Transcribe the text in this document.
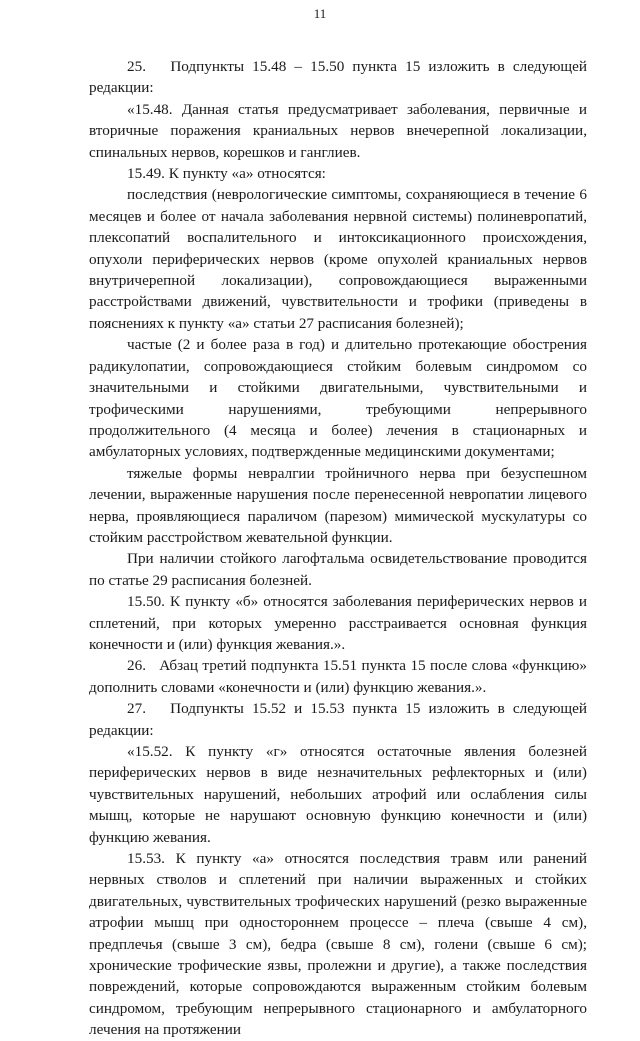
11

25.   Подпункты 15.48 – 15.50 пункта 15 изложить в следующей редакции:

«15.48. Данная статья предусматривает заболевания, первичные и вторичные поражения краниальных нервов внечерепной локализации, спинальных нервов, корешков и ганглиев.

15.49. К пункту «а» относятся:

последствия (неврологические симптомы, сохраняющиеся в течение 6 месяцев и более от начала заболевания нервной системы) полиневропатий, плексопатий воспалительного и интоксикационного происхождения, опухоли периферических нервов (кроме опухолей краниальных нервов внутричерепной локализации), сопровождающиеся выраженными расстройствами движений, чувствительности и трофики (приведены в пояснениях к пункту «а» статьи 27 расписания болезней);

частые (2 и более раза в год) и длительно протекающие обострения радикулопатии, сопровождающиеся стойким болевым синдромом со значительными и стойкими двигательными, чувствительными и трофическими нарушениями, требующими непрерывного продолжительного (4 месяца и более) лечения в стационарных и амбулаторных условиях, подтвержденные медицинскими документами;

тяжелые формы невралгии тройничного нерва при безуспешном лечении, выраженные нарушения после перенесенной невропатии лицевого нерва, проявляющиеся параличом (парезом) мимической мускулатуры со стойким расстройством жевательной функции.

При наличии стойкого лагофтальма освидетельствование проводится по статье 29 расписания болезней.

15.50. К пункту «б» относятся заболевания периферических нервов и сплетений, при которых умеренно расстраивается основная функция конечности и (или) функция жевания.».

26.   Абзац третий подпункта 15.51 пункта 15 после слова «функцию» дополнить словами «конечности и (или) функцию жевания.».

27.   Подпункты 15.52 и 15.53 пункта 15 изложить в следующей редакции:

«15.52. К пункту «г» относятся остаточные явления болезней периферических нервов в виде незначительных рефлекторных и (или) чувствительных нарушений, небольших атрофий или ослабления силы мышц, которые не нарушают основную функцию конечности и (или) функцию жевания.

15.53. К пункту «а» относятся последствия травм или ранений нервных стволов и сплетений при наличии выраженных и стойких двигательных, чувствительных трофических нарушений (резко выраженные атрофии мышц при одностороннем процессе – плеча (свыше 4 см), предплечья (свыше 3 см), бедра (свыше 8 см), голени (свыше 6 см); хронические трофические язвы, пролежни и другие), а также последствия повреждений, которые сопровождаются выраженным стойким болевым синдромом, требующим непрерывного стационарного и амбулаторного лечения на протяжении
